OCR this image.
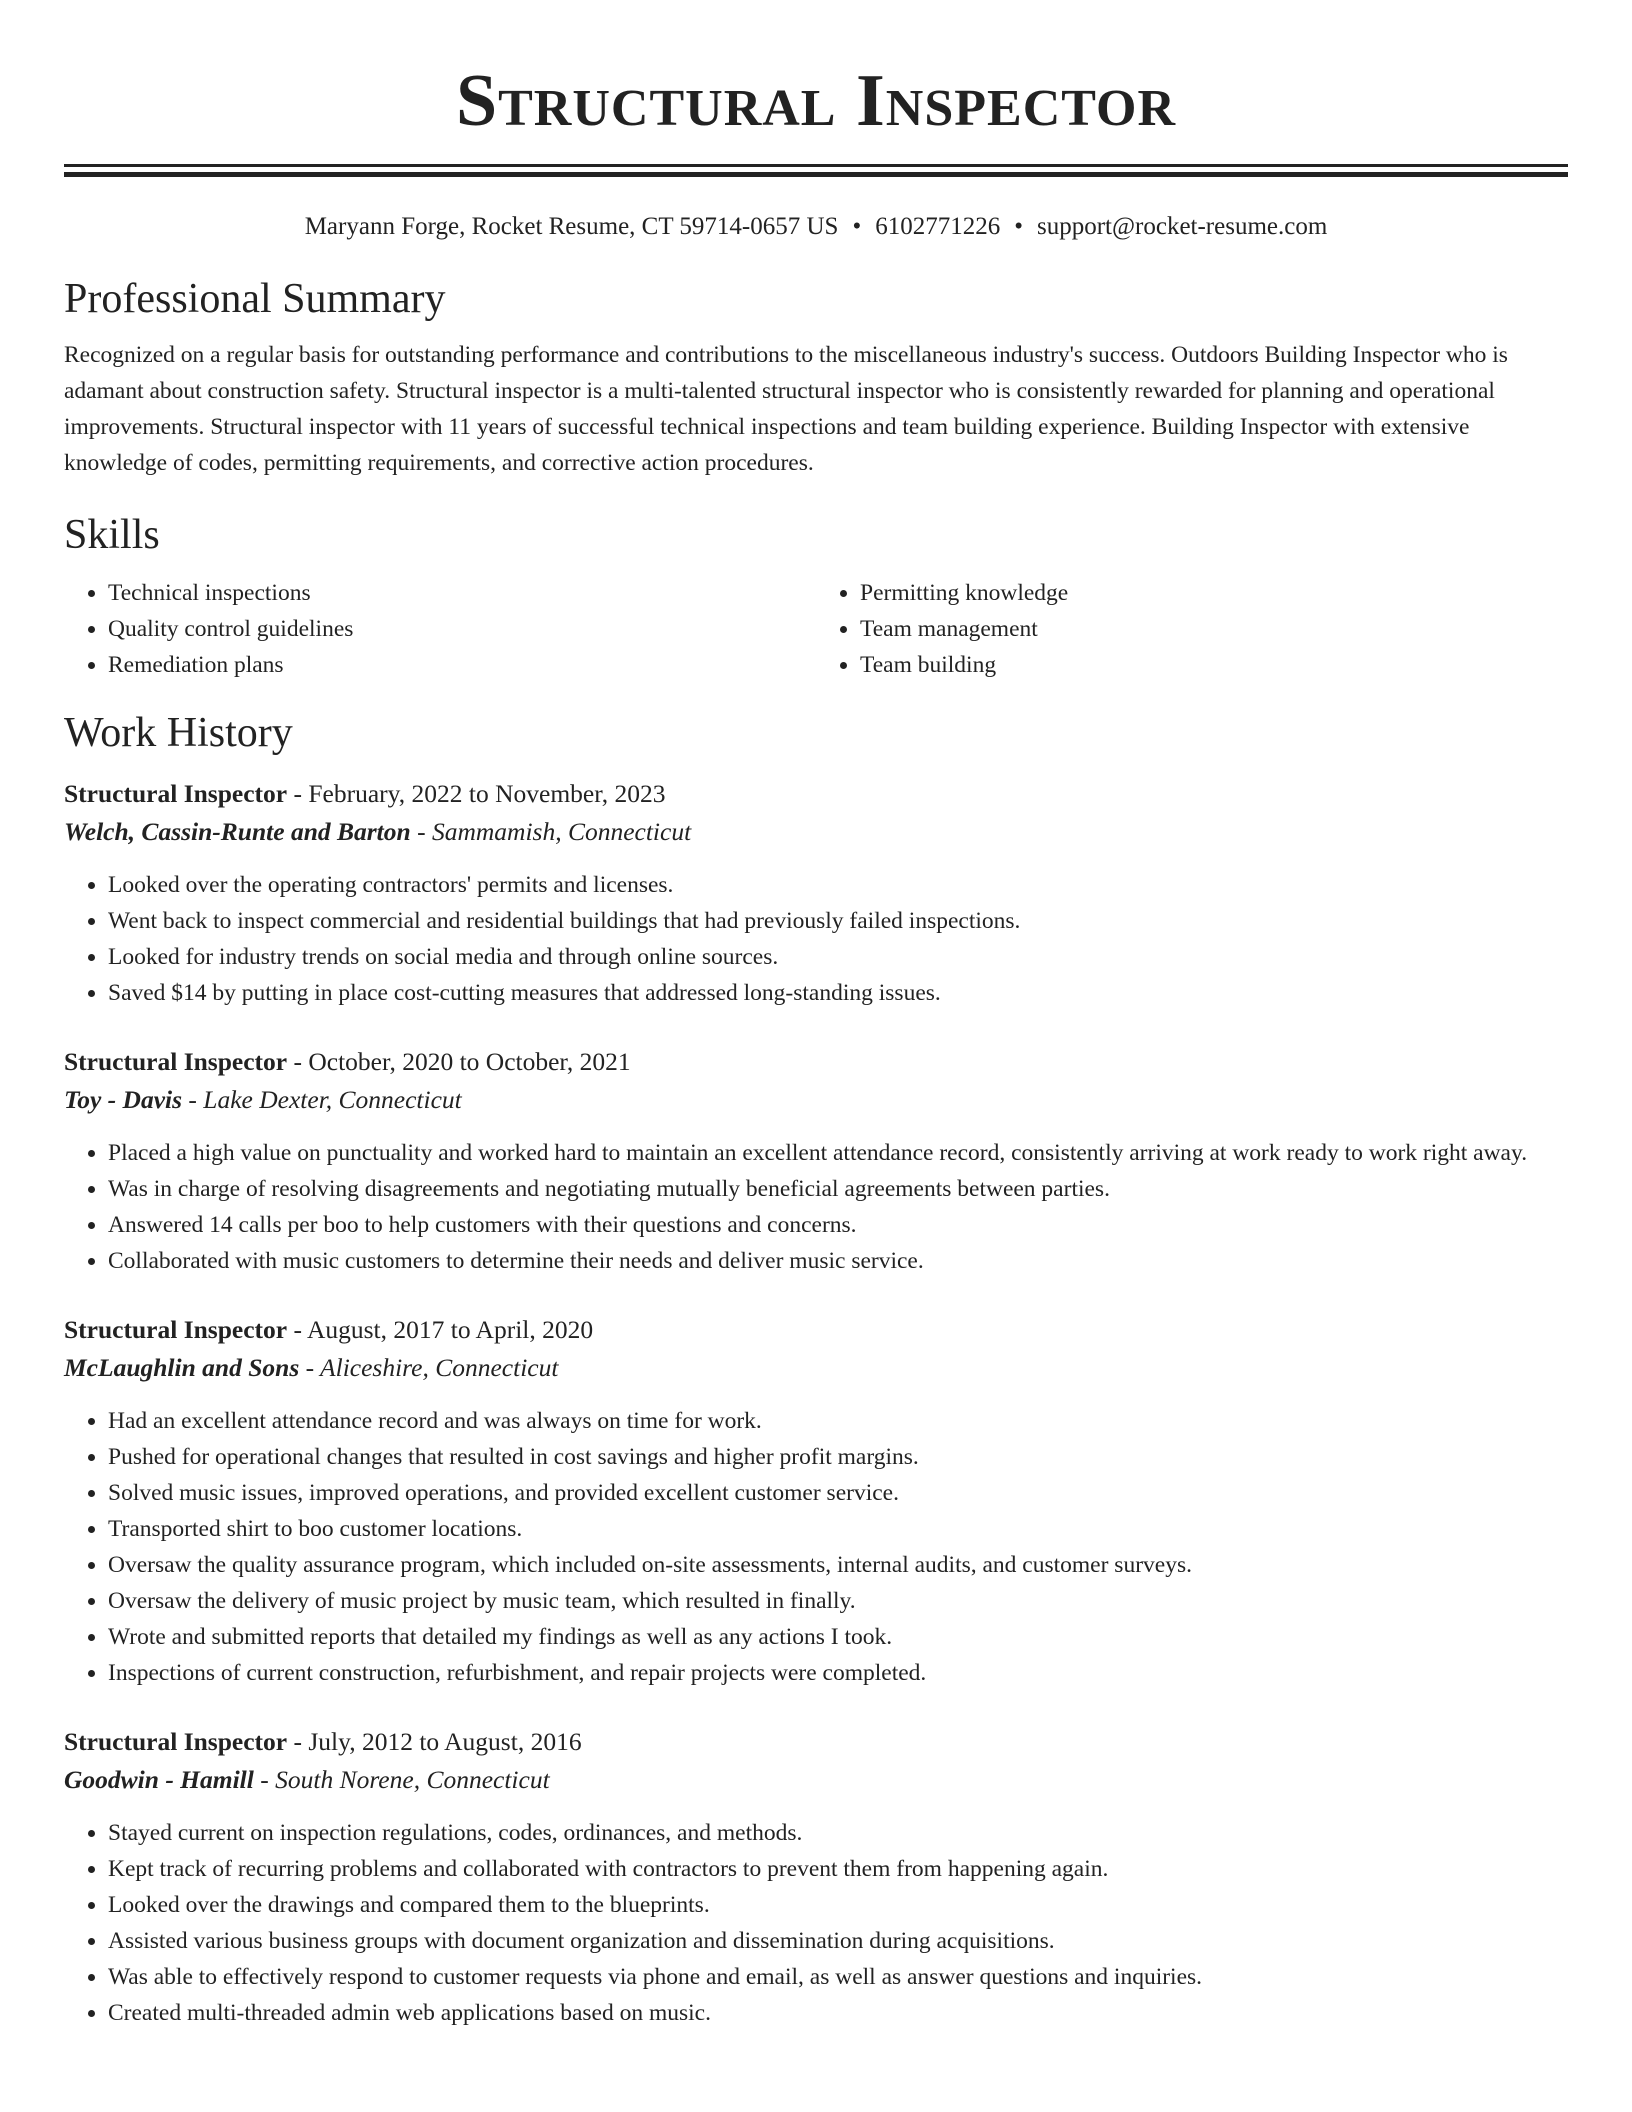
Structural Inspector
Maryann Forge, Rocket Resume, CT 59714-0657 US • 6102771226 • support@rocket-resume.com
Professional Summary

Recognized on a regular basis for outstanding performance and contributions to the miscellaneous industry's success. Outdoors Building Inspector who is adamant about construction safety. Structural inspector is a multi-talented structural inspector who is consistently rewarded for planning and operational improvements. Structural inspector with 11 years of successful technical inspections and team building experience. Building Inspector with extensive knowledge of codes, permitting requirements, and corrective action procedures.

Skills
• Technical inspections
• Quality control guidelines
• Remediation plans
• Permitting knowledge
• Team management
• Team building
Work History
Structural Inspector - February, 2022 to November, 2023
Welch, Cassin-Runte and Barton - Sammamish, Connecticut
• Looked over the operating contractors' permits and licenses.
• Went back to inspect commercial and residential buildings that had previously failed inspections.
• Looked for industry trends on social media and through online sources.
• Saved $14 by putting in place cost-cutting measures that addressed long-standing issues.
Structural Inspector - October, 2020 to October, 2021
Toy - Davis - Lake Dexter, Connecticut
• Placed a high value on punctuality and worked hard to maintain an excellent attendance record, consistently arriving at work ready to work right away.
• Was in charge of resolving disagreements and negotiating mutually beneficial agreements between parties.
• Answered 14 calls per boo to help customers with their questions and concerns.
• Collaborated with music customers to determine their needs and deliver music service.
Structural Inspector - August, 2017 to April, 2020
McLaughlin and Sons - Aliceshire, Connecticut
• Had an excellent attendance record and was always on time for work.
• Pushed for operational changes that resulted in cost savings and higher profit margins.
• Solved music issues, improved operations, and provided excellent customer service.
• Transported shirt to boo customer locations.
• Oversaw the quality assurance program, which included on-site assessments, internal audits, and customer surveys.
• Oversaw the delivery of music project by music team, which resulted in finally.
• Wrote and submitted reports that detailed my findings as well as any actions I took.
• Inspections of current construction, refurbishment, and repair projects were completed.
Structural Inspector - July, 2012 to August, 2016
Goodwin - Hamill - South Norene, Connecticut
• Stayed current on inspection regulations, codes, ordinances, and methods.
• Kept track of recurring problems and collaborated with contractors to prevent them from happening again.
• Looked over the drawings and compared them to the blueprints.
• Assisted various business groups with document organization and dissemination during acquisitions.
• Was able to effectively respond to customer requests via phone and email, as well as answer questions and inquiries.
• Created multi-threaded admin web applications based on music.
